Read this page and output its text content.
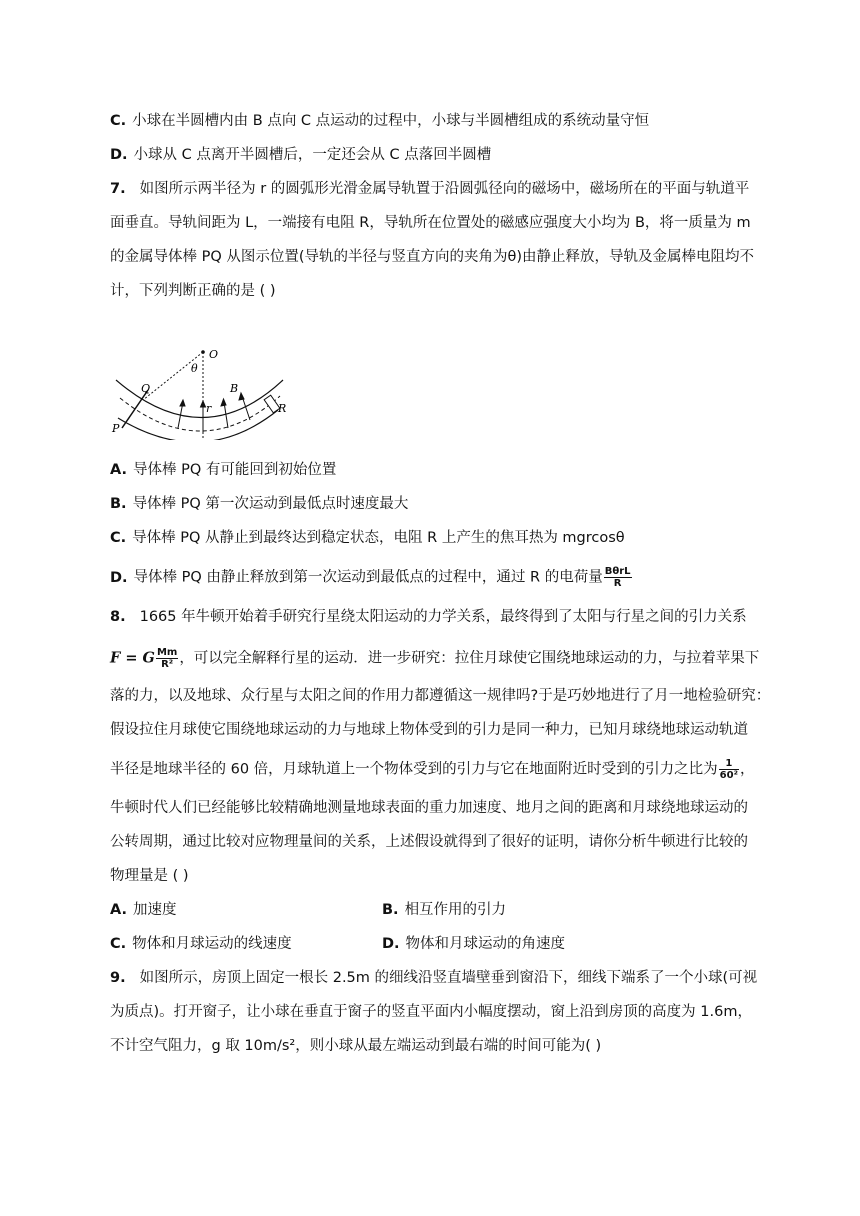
C. 小球在半圆槽内由 B 点向 C 点运动的过程中，小球与半圆槽组成的系统动量守恒
D. 小球从 C 点离开半圆槽后，一定还会从 C 点落回半圆槽
7. 如图所示两半径为 r 的圆弧形光滑金属导轨置于沿圆弧径向的磁场中，磁场所在的平面与轨道平
面垂直。导轨间距为 L，一端接有电阻 R，导轨所在位置处的磁感应强度大小均为 B，将一质量为 m
的金属导体棒 PQ 从图示位置(导轨的半径与竖直方向的夹角为θ)由静止释放，导轨及金属棒电阻均不
计，下列判断正确的是 ( )
O
θ
Q
P
B
r	R
A. 导体棒 PQ 有可能回到初始位置
B. 导体棒 PQ 第一次运动到最低点时速度最大
C. 导体棒 PQ 从静止到最终达到稳定状态，电阻 R 上产生的焦耳热为 mgrcosθ
D. 导体棒 PQ 由静止释放到第一次运动到最低点的过程中，通过 R 的电荷量 $\frac{\text{BθrL}}{R}$
8. 1665 年牛顿开始着手研究行星绕太阳运动的力学关系，最终得到了太阳与行星之间的引力关系
F = G $\frac{Mm}{\text{R²}}$ ，可以完全解释行星的运动．进一步研究：拉住月球使它围绕地球运动的力，与拉着苹果下
落的力，以及地球、众行星与太阳之间的作用力都遵循这一规律吗?于是巧妙地进行了月一地检验研究：
假设拉住月球使它围绕地球运动的力与地球上物体受到的引力是同一种力，已知月球绕地球运动轨道
半径是地球半径的 60 倍，月球轨道上一个物体受到的引力与它在地面附近时受到的引力之比为 $\frac{1}{\text{60²}}$ ，
牛顿时代人们已经能够比较精确地测量地球表面的重力加速度、地月之间的距离和月球绕地球运动的
公转周期，通过比较对应物理量间的关系，上述假设就得到了很好的证明，请你分析牛顿进行比较的
物理量是 ( )
A. 加速度	B. 相互作用的引力
C. 物体和月球运动的线速度	D. 物体和月球运动的角速度
9. 如图所示，房顶上固定一根长 2.5m 的细线沿竖直墙壁垂到窗沿下，细线下端系了一个小球(可视
为质点)。打开窗子，让小球在垂直于窗子的竖直平面内小幅度摆动，窗上沿到房顶的高度为 1.6m，
不计空气阻力，g 取 10m/s²，则小球从最左端运动到最右端的时间可能为( )
